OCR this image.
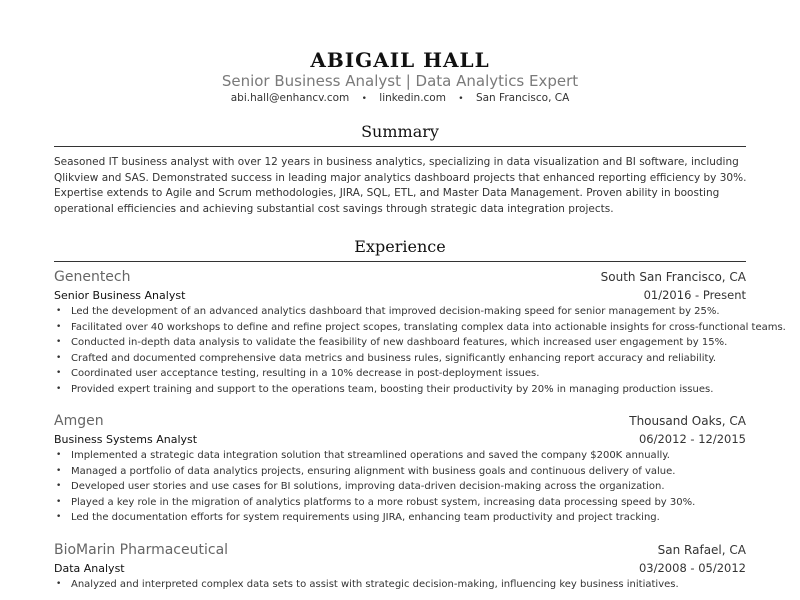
ABIGAIL HALL
Senior Business Analyst | Data Analytics Expert
abi.hall@enhancv.com • linkedin.com • San Francisco, CA
Summary
Seasoned IT business analyst with over 12 years in business analytics, specializing in data visualization and BI software, including Qlikview and SAS. Demonstrated success in leading major analytics dashboard projects that enhanced reporting efficiency by 30%. Expertise extends to Agile and Scrum methodologies, JIRA, SQL, ETL, and Master Data Management. Proven ability in boosting operational efficiencies and achieving substantial cost savings through strategic data integration projects.
Experience
Genentech	South San Francisco, CA
Senior Business Analyst	01/2016 - Present
• Led the development of an advanced analytics dashboard that improved decision-making speed for senior management by 25%.
• Facilitated over 40 workshops to define and refine project scopes, translating complex data into actionable insights for cross-functional teams.
• Conducted in-depth data analysis to validate the feasibility of new dashboard features, which increased user engagement by 15%.
• Crafted and documented comprehensive data metrics and business rules, significantly enhancing report accuracy and reliability.
• Coordinated user acceptance testing, resulting in a 10% decrease in post-deployment issues.
• Provided expert training and support to the operations team, boosting their productivity by 20% in managing production issues.
Amgen	Thousand Oaks, CA
Business Systems Analyst	06/2012 - 12/2015
• Implemented a strategic data integration solution that streamlined operations and saved the company $200K annually.
• Managed a portfolio of data analytics projects, ensuring alignment with business goals and continuous delivery of value.
• Developed user stories and use cases for BI solutions, improving data-driven decision-making across the organization.
• Played a key role in the migration of analytics platforms to a more robust system, increasing data processing speed by 30%.
• Led the documentation efforts for system requirements using JIRA, enhancing team productivity and project tracking.
BioMarin Pharmaceutical	San Rafael, CA
Data Analyst	03/2008 - 05/2012
• Analyzed and interpreted complex data sets to assist with strategic decision-making, influencing key business initiatives.
